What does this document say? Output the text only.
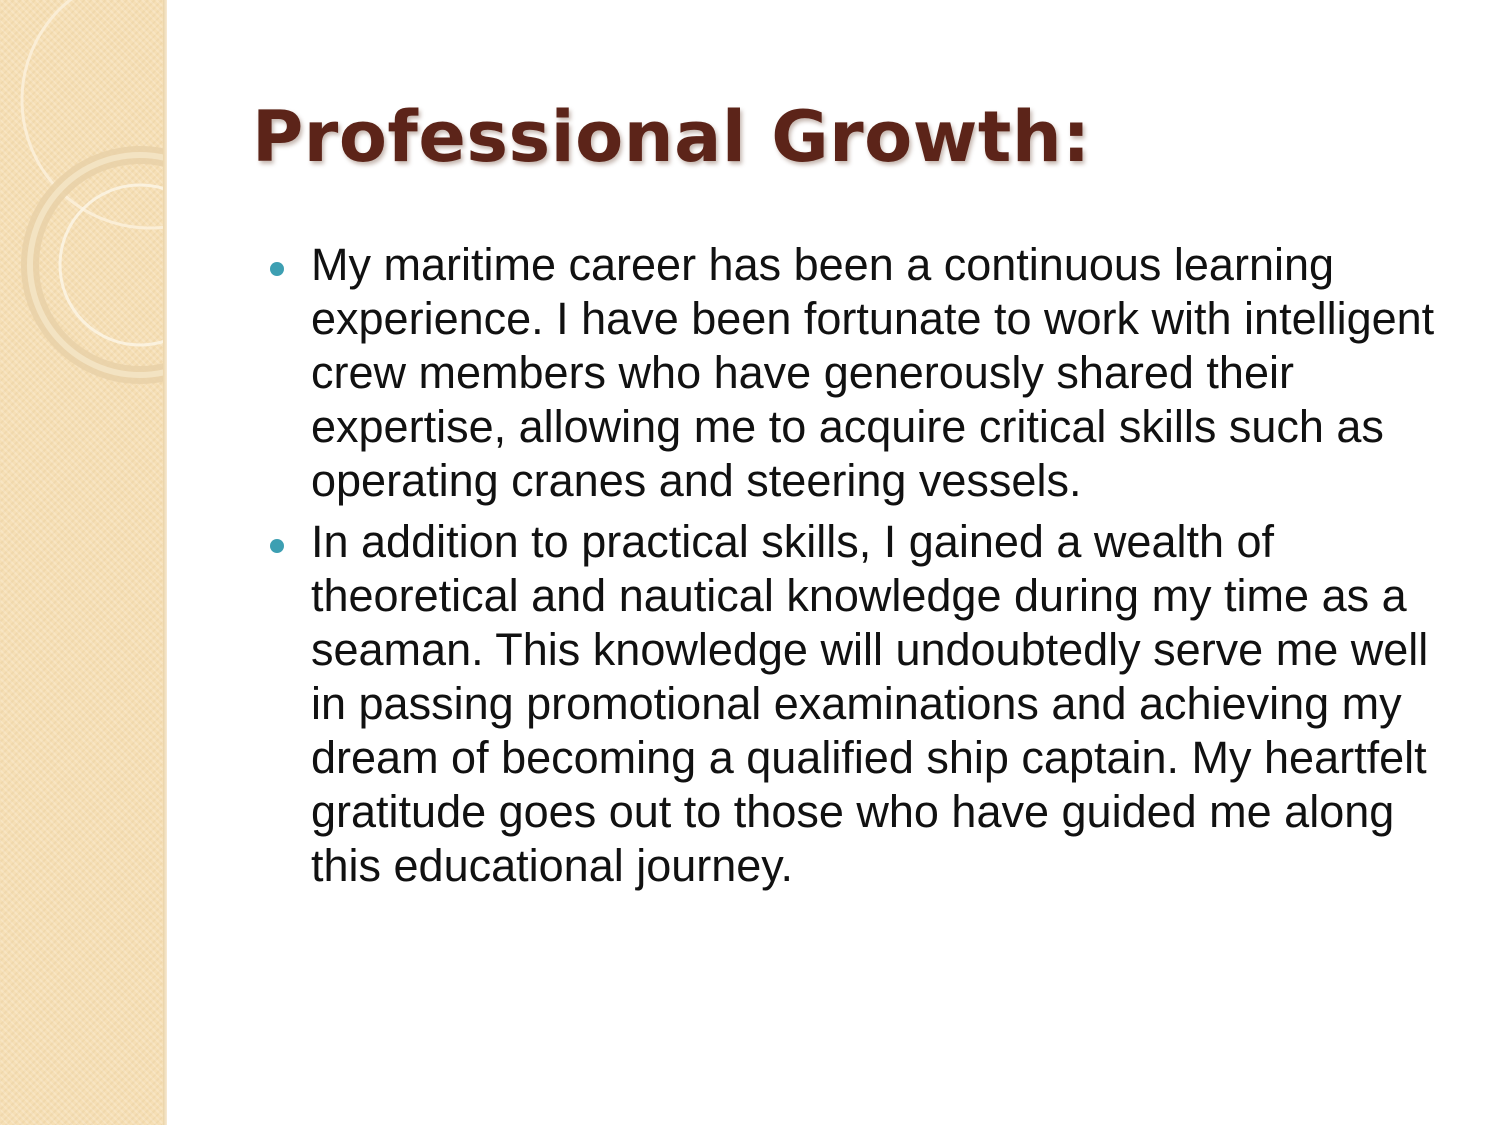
Professional Growth:
My maritime career has been a continuous learning experience. I have been fortunate to work with intelligent crew members who have generously shared their expertise, allowing me to acquire critical skills such as operating cranes and steering vessels.
In addition to practical skills, I gained a wealth of theoretical and nautical knowledge during my time as a seaman. This knowledge will undoubtedly serve me well in passing promotional examinations and achieving my dream of becoming a qualified ship captain. My heartfelt gratitude goes out to those who have guided me along this educational journey.
